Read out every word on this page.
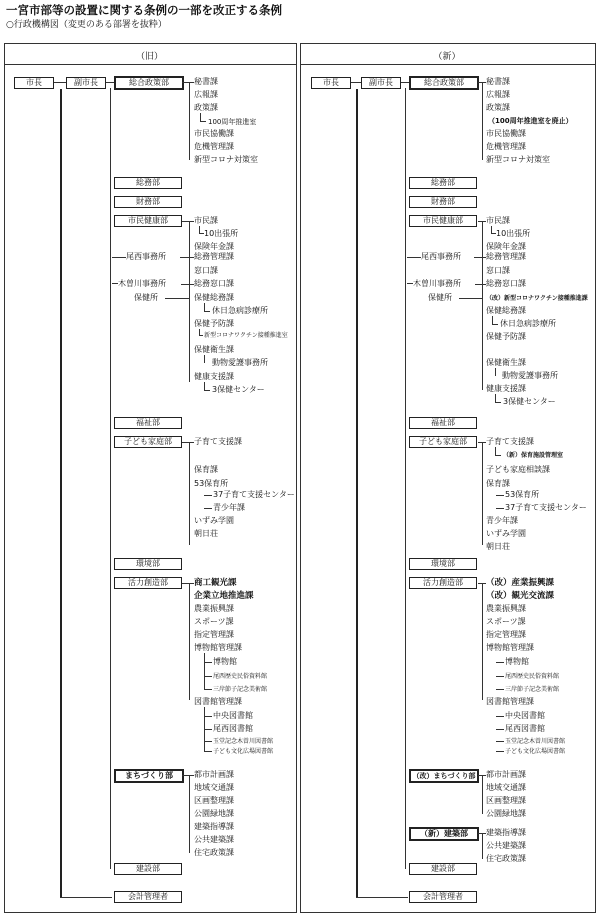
一宮市部等の設置に関する条例の一部を改正する条例
○行政機構図（変更のある部署を抜粋）
（旧）	（新）
市長	副市長	総合政策部
総務部
財務部
市民健康部
福祉部
子ども家庭部
環境部
活力創造部
まちづくり部
建設部
会計管理者
秘書課
広報課
政策課
100周年推進室
市民協働課
危機管理課
新型コロナ対策室
市民課
10出張所
保険年金課
尾西事務所	総務管理課
窓口課
木曽川事務所	総務窓口課
保健所	保健総務課
休日急病診療所
保健予防課
新型コロナワクチン接種推進室
保健衛生課
動物愛護事務所
健康支援課
3保健センター
子育て支援課
保育課
53保育所
37子育て支援センター
青少年課
いずみ学園
朝日荘
商工観光課
企業立地推進課
農業振興課
スポーツ課
指定管理課
博物館管理課
博物館
尾西歴史民俗資料館
三岸節子記念美術館
図書館管理課
中央図書館
尾西図書館
玉堂記念木曽川図書館
子ども文化広場図書館
都市計画課
地域交通課
区画整理課
公園緑地課
建築指導課
公共建築課
住宅政策課
市長	副市長	総合政策部
総務部
財務部
市民健康部
福祉部
子ども家庭部
環境部
活力創造部
（改）まちづくり部
（新）建築部
建設部
会計管理者
秘書課
広報課
政策課
（100周年推進室を廃止）
市民協働課
危機管理課
新型コロナ対策室
市民課
10出張所
保険年金課
尾西事務所	総務管理課
窓口課
木曽川事務所	総務窓口課
保健所	（改）新型コロナワクチン接種推進課
保健総務課
休日急病診療所
保健予防課
保健衛生課
動物愛護事務所
健康支援課
3保健センター
子育て支援課
（新）保育施設管理室
子ども家庭相談課
保育課
53保育所
37子育て支援センター
青少年課
いずみ学園
朝日荘
（改）産業振興課
（改）観光交流課
農業振興課
スポーツ課
指定管理課
博物館管理課
博物館
尾西歴史民俗資料館
三岸節子記念美術館
図書館管理課
中央図書館
尾西図書館
玉堂記念木曽川図書館
子ども文化広場図書館
都市計画課
地域交通課
区画整理課
公園緑地課
建築指導課
公共建築課
住宅政策課
